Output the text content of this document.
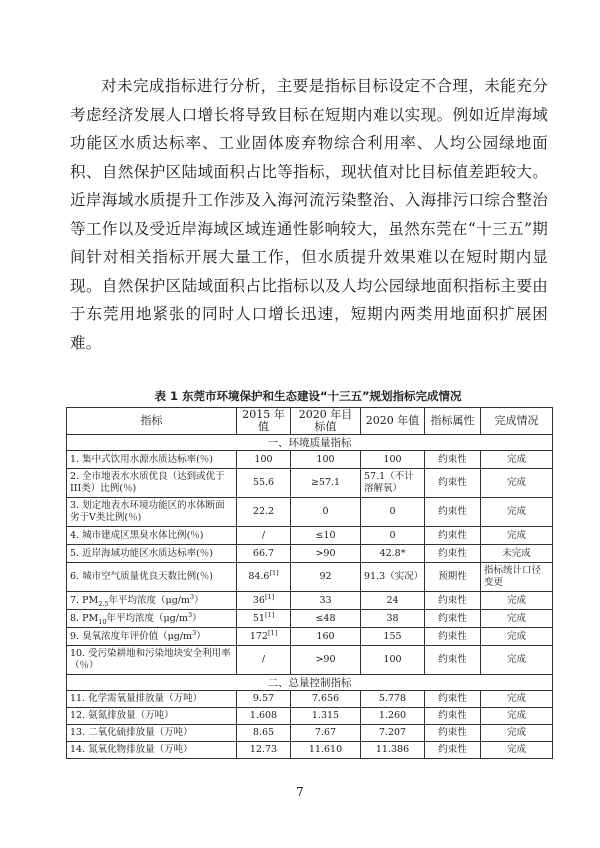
对未完成指标进行分析，主要是指标目标设定不合理，未能充分考虑经济发展人口增长将导致目标在短期内难以实现。例如近岸海域功能区水质达标率、工业固体废弃物综合利用率、人均公园绿地面积、自然保护区陆域面积占比等指标，现状值对比目标值差距较大。近岸海域水质提升工作涉及入海河流污染整治、入海排污口综合整治等工作以及受近岸海域区域连通性影响较大，虽然东莞在“十三五”期间针对相关指标开展大量工作，但水质提升效果难以在短时期内显现。自然保护区陆域面积占比指标以及人均公园绿地面积指标主要由于东莞用地紧张的同时人口增长迅速，短期内两类用地面积扩展困难。

表 1 东莞市环境保护和生态建设“十三五”规划指标完成情况

指标	2015 年值	2020 年目标值	2020 年值	指标属性	完成情况
一、环境质量指标					
1. 集中式饮用水源水质达标率(％)	100	100	100	约束性	完成
2. 全市地表水水质优良（达到或优于III类）比例(％)	55.6	≥57.1	57.1（不计溶解氧）	约束性	完成
3. 划定地表水环境功能区的水体断面劣于V类比例(％)	22.2	0	0	约束性	完成
4. 城市建成区黑臭水体比例(％)	/	≤10	0	约束性	完成
5. 近岸海域功能区水质达标率(％)	66.7	>90	42.8*	约束性	未完成
6. 城市空气质量优良天数比例(％)	84.6[1]	92	91.3（实况）	预期性	指标统计口径变更
7. $PM_{2.5}$年平均浓度$(\mu g/m^3)$	36[1]	33	24	约束性	完成
8. $PM_{10}$年平均浓度$(\mu g/m^3)$	51[1]	≤48	38	约束性	完成
9. 臭氧浓度年评价值$(\mu g/m^3)$	172[1]	160	155	约束性	完成
10. 受污染耕地和污染地块安全利用率（％）	/	>90	100	约束性	完成
二、总量控制指标					
11. 化学需氧量排放量（万吨）	9.57	7.656	5.778	约束性	完成
12. 氨氮排放量（万吨）	1.608	1.315	1.260	约束性	完成
13. 二氧化硫排放量（万吨）	8.65	7.67	7.207	约束性	完成
14. 氮氧化物排放量（万吨）	12.73	11.610	11.386	约束性	完成

7
